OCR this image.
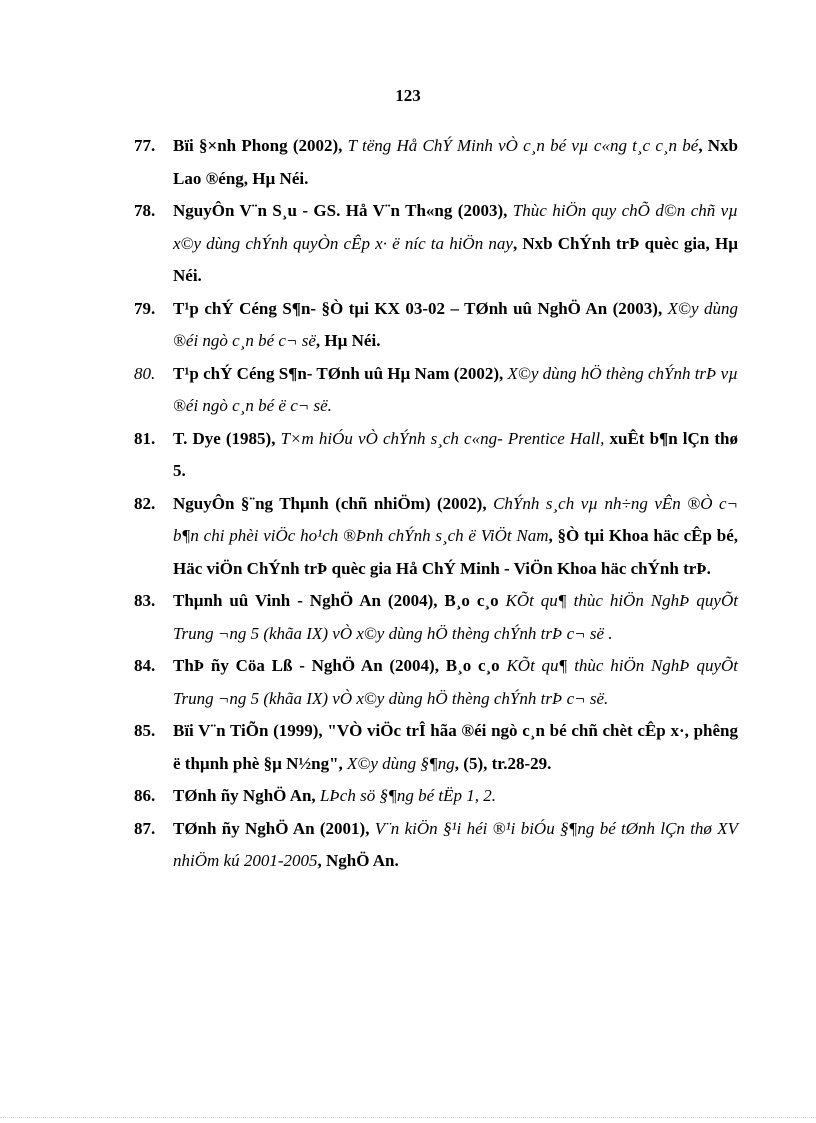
123
77.	Bïi §×nh Phong (2002), T tëng Hå ChÝ Minh vÒ c¸n bé vµ c«ng t¸c c¸n bé, Nxb Lao ®éng, Hµ Néi.
78.	NguyÔn V¨n S¸u - GS. Hå V¨n Th«ng (2003), Thùc hiÖn quy chÕ d©n chñ vµ x©y dùng chÝnh quyÒn cÊp x· ë níc ta hiÖn nay, Nxb ChÝnh trÞ quèc gia, Hµ Néi.
79.	T¹p chÝ Céng S¶n- §Ò tµi KX 03-02 – TØnh uû NghÖ An (2003), X©y dùng ®éi ngò c¸n bé c¬ së, Hµ Néi.
80.	T¹p chÝ Céng S¶n- TØnh uû Hµ Nam (2002), X©y dùng hÖ thèng chÝnh trÞ vµ ®éi ngò c¸n bé ë c¬ së.
81.	T. Dye (1985), T×m hiÓu vÒ chÝnh s¸ch c«ng- Prentice Hall, xuÊt b¶n lÇn thø 5.
82.	NguyÔn §¨ng Thµnh (chñ nhiÖm) (2002), ChÝnh s¸ch vµ nh÷ng vÊn ®Ò c¬ b¶n chi phèi viÖc ho¹ch ®Þnh chÝnh s¸ch ë ViÖt Nam, §Ò tµi Khoa häc cÊp bé, Häc viÖn ChÝnh trÞ quèc gia Hå ChÝ Minh - ViÖn Khoa häc chÝnh trÞ.
83.	Thµnh uû Vinh - NghÖ An (2004), B¸o c¸o KÕt qu¶ thùc hiÖn NghÞ quyÕt Trung ¬ng 5 (khãa IX) vÒ x©y dùng hÖ thèng chÝnh trÞ c¬ së .
84.	ThÞ ñy Cöa Lß - NghÖ An (2004), B¸o c¸o KÕt qu¶ thùc hiÖn NghÞ quyÕt Trung ¬ng 5 (khãa IX) vÒ x©y dùng hÖ thèng chÝnh trÞ c¬ së.
85.	Bïi V¨n TiÕn (1999), "VÒ viÖc trÎ hãa ®éi ngò c¸n bé chñ chèt cÊp x·, phêng ë thµnh phè §µ N½ng", X©y dùng §¶ng, (5), tr.28-29.
86.	TØnh ñy NghÖ An, LÞch sö §¶ng bé tËp 1, 2.
87.	TØnh ñy NghÖ An (2001), V¨n kiÖn §¹i héi ®¹i biÓu §¶ng bé tØnh lÇn thø XV nhiÖm kú 2001-2005, NghÖ An.
